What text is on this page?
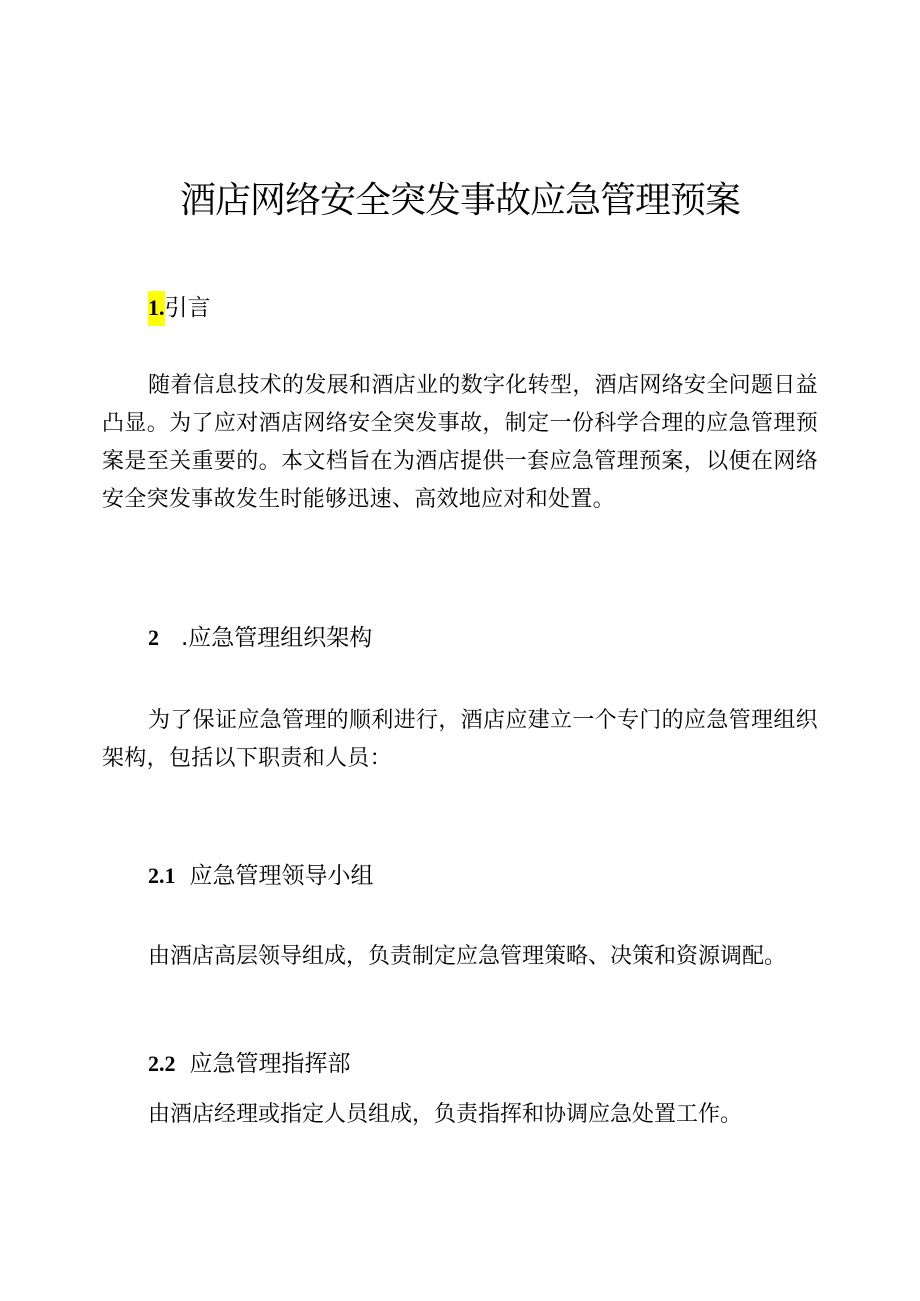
酒店网络安全突发事故应急管理预案
1.引言

随着信息技术的发展和酒店业的数字化转型，酒店网络安全问题日益凸显。为了应对酒店网络安全突发事故，制定一份科学合理的应急管理预案是至关重要的。本文档旨在为酒店提供一套应急管理预案，以便在网络安全突发事故发生时能够迅速、高效地应对和处置。

2 .应急管理组织架构

为了保证应急管理的顺利进行，酒店应建立一个专门的应急管理组织架构，包括以下职责和人员：

2.1 应急管理领导小组

由酒店高层领导组成，负责制定应急管理策略、决策和资源调配。

2.2 应急管理指挥部

由酒店经理或指定人员组成，负责指挥和协调应急处置工作。
